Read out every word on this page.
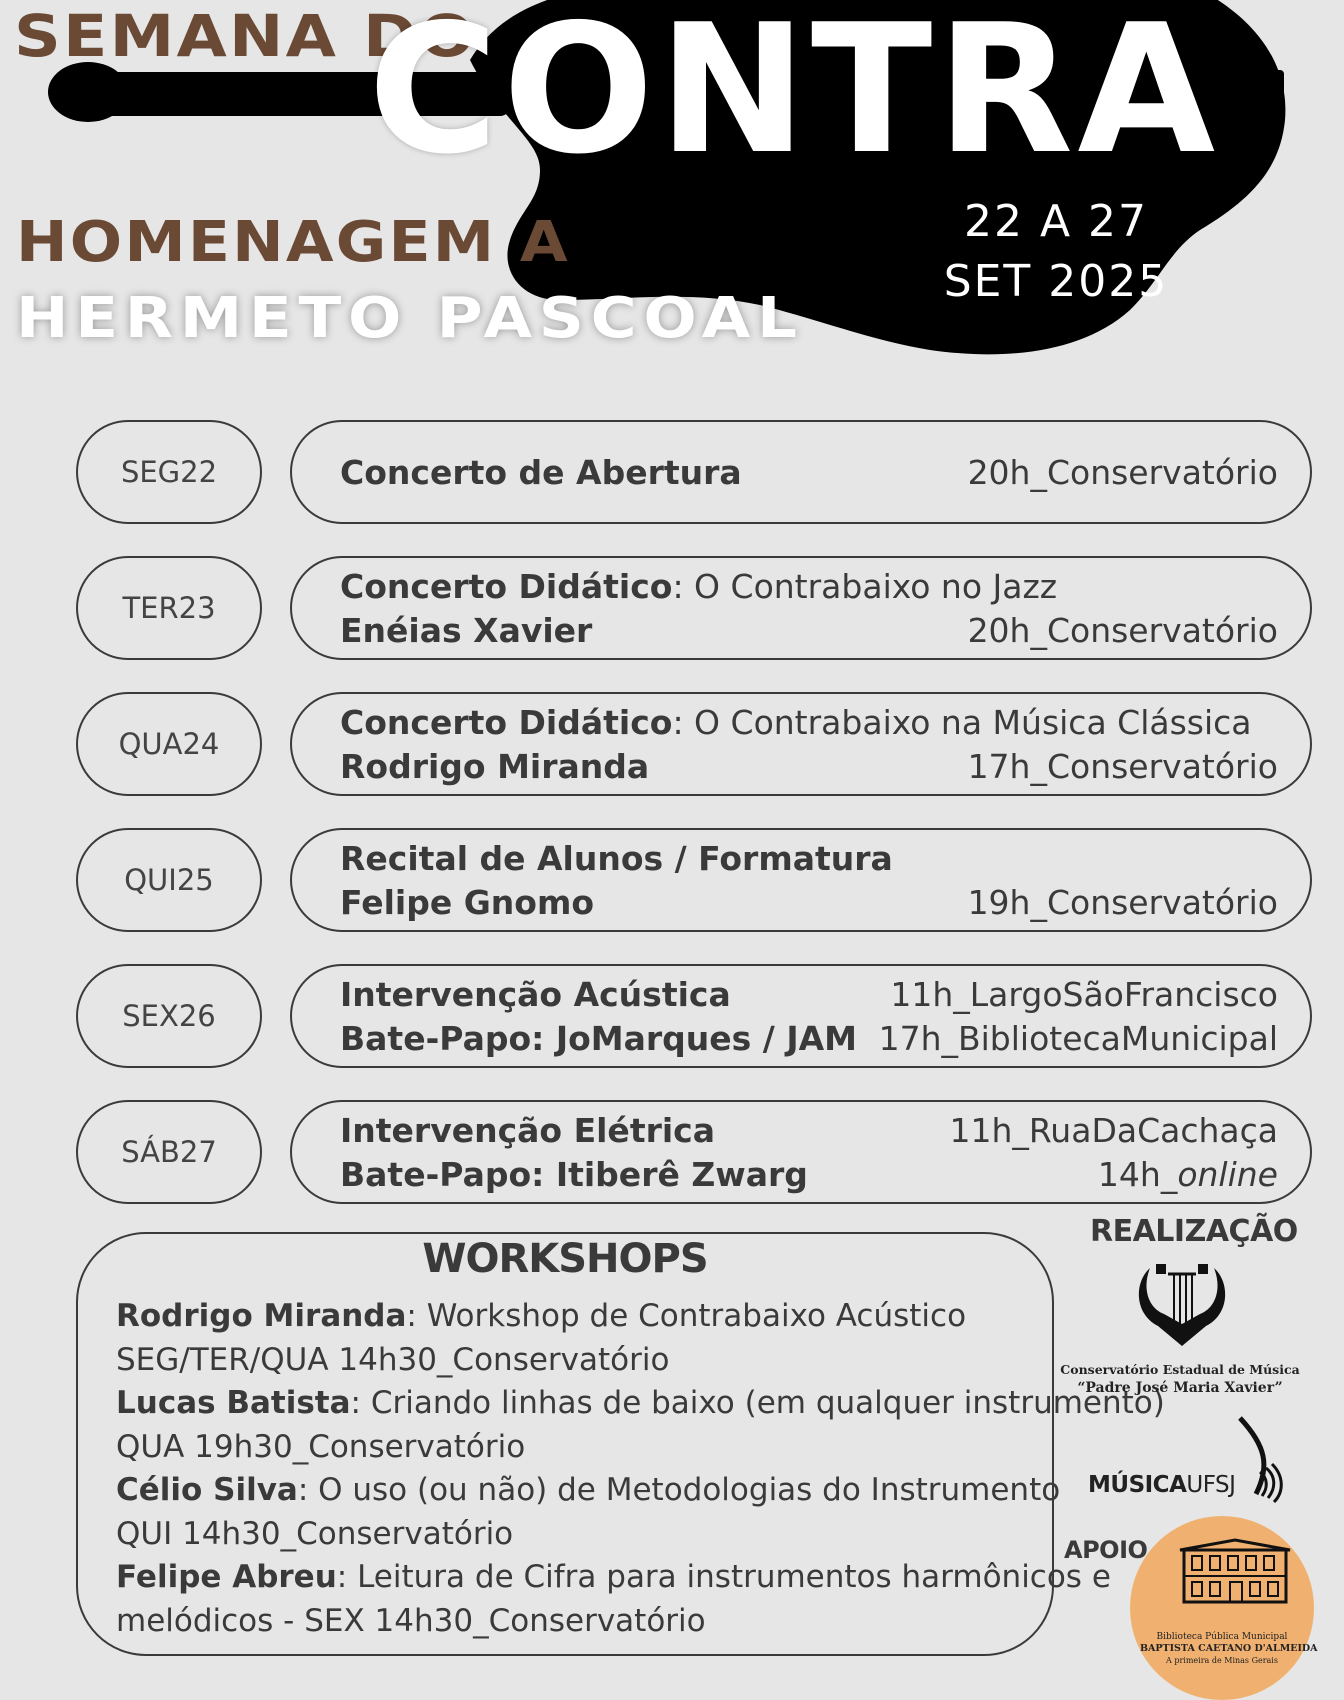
SEMANA DO
CONTRA
HOMENAGEM A
HERMETO PASCOAL
22 A 27
SET 2025
SEG22	Concerto de Abertura	20h_Conservatório
TER23
Concerto Didático: O Contrabaixo no Jazz
Enéias Xavier	20h_Conservatório
QUA24
Concerto Didático: O Contrabaixo na Música Clássica
Rodrigo Miranda	17h_Conservatório
QUI25
Recital de Alunos / Formatura
Felipe Gnomo	19h_Conservatório
SEX26
Intervenção Acústica	11h_LargoSãoFrancisco
Bate-Papo: JoMarques / JAM 17h_BibliotecaMunicipal
SÁB27
Intervenção Elétrica	11h_RuaDaCachaça
Bate-Papo: Itiberê Zwarg	14h_online
WORKSHOPS
Rodrigo Miranda: Workshop de Contrabaixo Acústico
SEG/TER/QUA 14h30_Conservatório
Lucas Batista: Criando linhas de baixo (em qualquer instrumento)
QUA 19h30_Conservatório
Célio Silva: O uso (ou não) de Metodologias do Instrumento
QUI 14h30_Conservatório
Felipe Abreu: Leitura de Cifra para instrumentos harmônicos e
melódicos - SEX 14h30_Conservatório
REALIZAÇÃO
Conservatório Estadual de Música
“Padre José Maria Xavier”
MÚSICAUFSJ
APOIO
Biblioteca Pública Municipal
BAPTISTA CAETANO D'ALMEIDA
A primeira de Minas Gerais
